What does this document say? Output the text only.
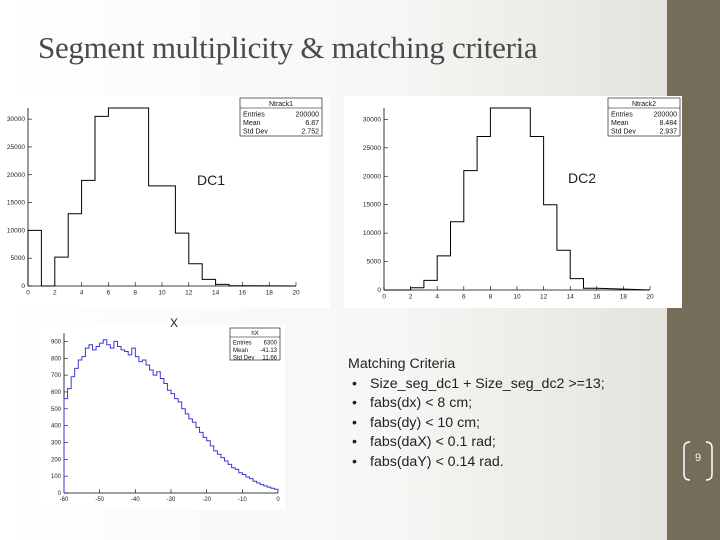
Segment multiplicity & matching criteria
0
5000
10000
15000
20000
25000
30000
0	2	4	6	8	10	12	14	16	18	20
Ntrack1
Entries	200000
Mean	6.87
Std Dev	2.752
0
5000
10000
15000
20000
25000
30000
0	2	4	6	8	10	12	14	16	18	20
Ntrack2
Entries	200000
Mean	8.484
Std Dev	2.937
0
100
200
300
400
500
600
700
800
900
-60	-50	-40	-30	-20	-10	0
hX
Entries 6300
Mean -41.13
Std Dev 11.66
DC1	DC2
X
Matching Criteria
• Size_seg_dc1 + Size_seg_dc2 >=13;
• fabs(dx) < 8 cm;
• fabs(dy) < 10 cm;
• fabs(daX) < 0.1 rad;
• fabs(daY) < 0.14 rad.	9
